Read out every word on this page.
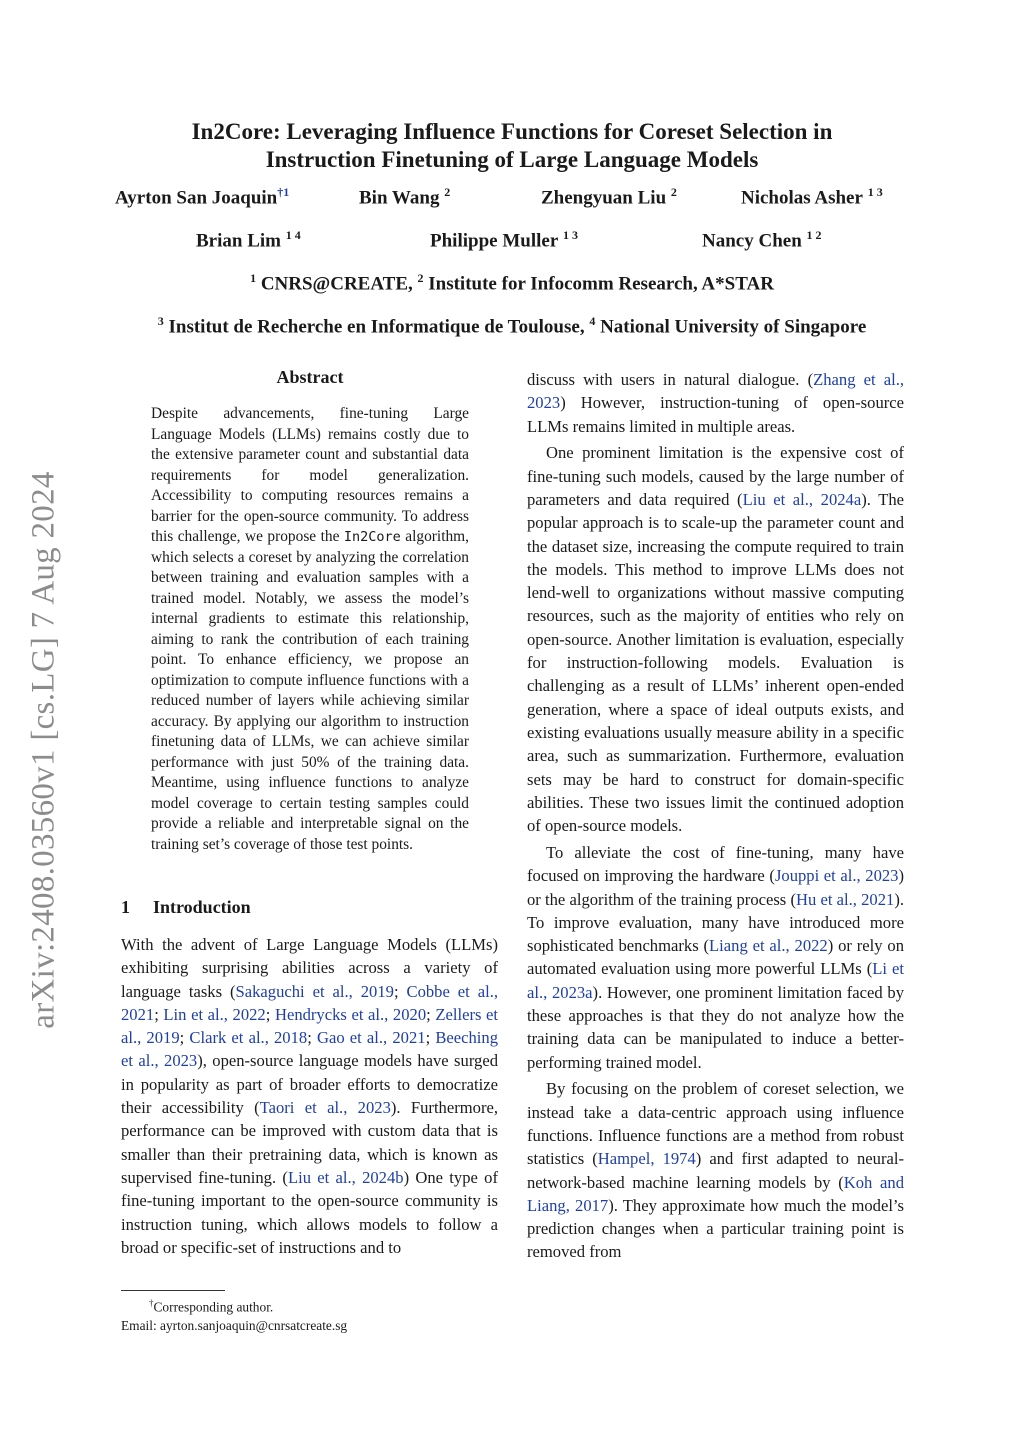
arXiv:2408.03560v1 [cs.LG] 7 Aug 2024
In2Core: Leveraging Influence Functions for Coreset Selection in
Instruction Finetuning of Large Language Models
Ayrton San Joaquin$^{\dagger 1}$	Bin Wang $^2$	Zhengyuan Liu $^2$	Nicholas Asher $^{1 3}$
Brian Lim $^{1 4}$	Philippe Muller $^{1 3}$	Nancy Chen $^{1 2}$
$^1$ CNRS@CREATE, $^2$ Institute for Infocomm Research, A*STAR
$^3$ Institut de Recherche en Informatique de Toulouse, $^4$ National University of Singapore
Abstract
Despite advancements, fine-tuning Large Language Models (LLMs) remains costly due to the extensive parameter count and substantial data requirements for model generalization. Accessibility to computing resources remains a barrier for the open-source community. To address this challenge, we propose the In2Core algorithm, which selects a coreset by analyzing the correlation between training and evaluation samples with a trained model. Notably, we assess the model’s internal gradients to estimate this relationship, aiming to rank the contribution of each training point. To enhance efficiency, we propose an optimization to compute influence functions with a reduced number of layers while achieving similar accuracy. By applying our algorithm to instruction finetuning data of LLMs, we can achieve similar performance with just 50% of the training data. Meantime, using influence functions to analyze model coverage to certain testing samples could provide a reliable and interpretable signal on the training set’s coverage of those test points.
1 Introduction

With the advent of Large Language Models (LLMs) exhibiting surprising abilities across a variety of language tasks (Sakaguchi et al., 2019; Cobbe et al., 2021; Lin et al., 2022; Hendrycks et al., 2020; Zellers et al., 2019; Clark et al., 2018; Gao et al., 2021; Beeching et al., 2023), open-source language models have surged in popularity as part of broader efforts to democratize their accessibility (Taori et al., 2023). Furthermore, performance can be improved with custom data that is smaller than their pretraining data, which is known as supervised fine-tuning. (Liu et al., 2024b) One type of fine-tuning important to the open-source community is instruction tuning, which allows models to follow a broad or specific-set of instructions and to

discuss with users in natural dialogue. (Zhang et al., 2023) However, instruction-tuning of open-source LLMs remains limited in multiple areas.

One prominent limitation is the expensive cost of fine-tuning such models, caused by the large number of parameters and data required (Liu et al., 2024a). The popular approach is to scale-up the parameter count and the dataset size, increasing the compute required to train the models. This method to improve LLMs does not lend-well to organizations without massive computing resources, such as the majority of entities who rely on open-source. Another limitation is evaluation, especially for instruction-following models. Evaluation is challenging as a result of LLMs’ inherent open-ended generation, where a space of ideal outputs exists, and existing evaluations usually measure ability in a specific area, such as summarization. Furthermore, evaluation sets may be hard to construct for domain-specific abilities. These two issues limit the continued adoption of open-source models.

To alleviate the cost of fine-tuning, many have focused on improving the hardware (Jouppi et al., 2023) or the algorithm of the training process (Hu et al., 2021). To improve evaluation, many have introduced more sophisticated benchmarks (Liang et al., 2022) or rely on automated evaluation using more powerful LLMs (Li et al., 2023a). However, one prominent limitation faced by these approaches is that they do not analyze how the training data can be manipulated to induce a better-performing trained model.

By focusing on the problem of coreset selection, we instead take a data-centric approach using influence functions. Influence functions are a method from robust statistics (Hampel, 1974) and first adapted to neural-network-based machine learning models by (Koh and Liang, 2017). They approximate how much the model’s prediction changes when a particular training point is removed from

†Corresponding author.
Email: ayrton.sanjoaquin@cnrsatcreate.sg
